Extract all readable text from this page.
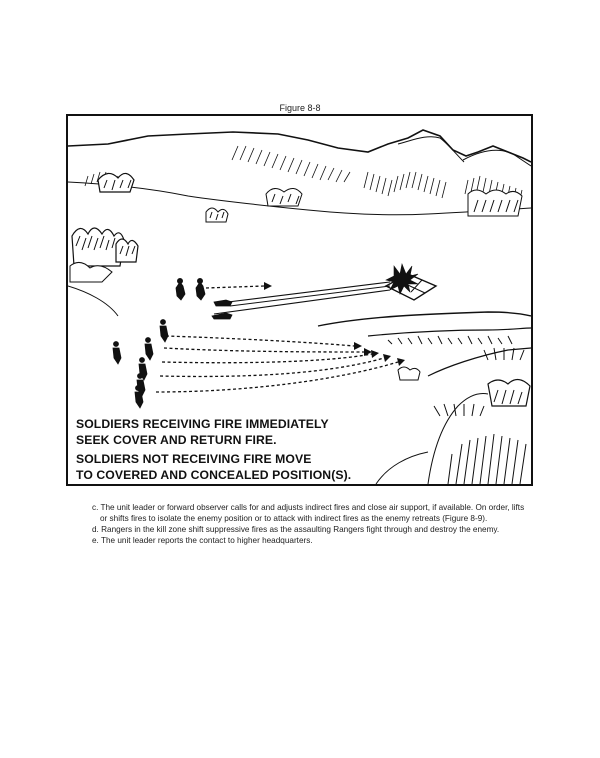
Figure 8-8
SOLDIERS RECEIVING FIRE IMMEDIATELY
SEEK COVER AND RETURN FIRE.
SOLDIERS NOT RECEIVING FIRE MOVE
TO COVERED AND CONCEALED POSITION(S).

c. The unit leader or forward observer calls for and adjusts indirect fires and close air support, if available. On order, lifts

or shifts fires to isolate the enemy position or to attack with indirect fires as the enemy retreats (Figure 8-9).

d. Rangers in the kill zone shift suppressive fires as the assaulting Rangers fight through and destroy the enemy.

e. The unit leader reports the contact to higher headquarters.
